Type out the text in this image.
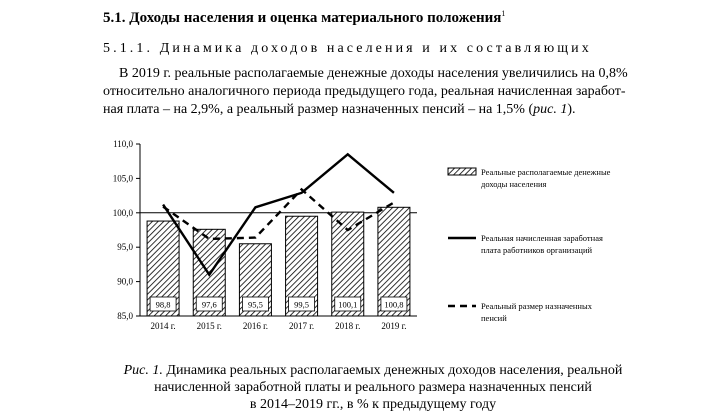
5.1. Доходы населения и оценка материального положения$^1$
5.1.1. Динамика доходов населения и их составляющих
В 2019 г. реальные располагаемые денежные доходы населения увеличились на 0,8%
относительно аналогичного периода предыдущего года, реальная начисленная заработ-
ная плата – на 2,9%, а реальный размер назначенных пенсий – на 1,5% (рис. 1).
85,0
90,0
95,0
100,0
105,0
110,0
2014 г. 2015 г. 2016 г. 2017 г. 2018 г. 2019 г.
98,8	97,6	95,5	99,5	100,1	100,8
Реальные располагаемые денежные
доходы населения
Реальная начисленная заработная
плата работников организаций
Реальный размер назначенных
пенсий
Рис. 1. Динамика реальных располагаемых денежных доходов населения, реальной
начисленной заработной платы и реального размера назначенных пенсий
в 2014–2019 гг., в % к предыдущему году
